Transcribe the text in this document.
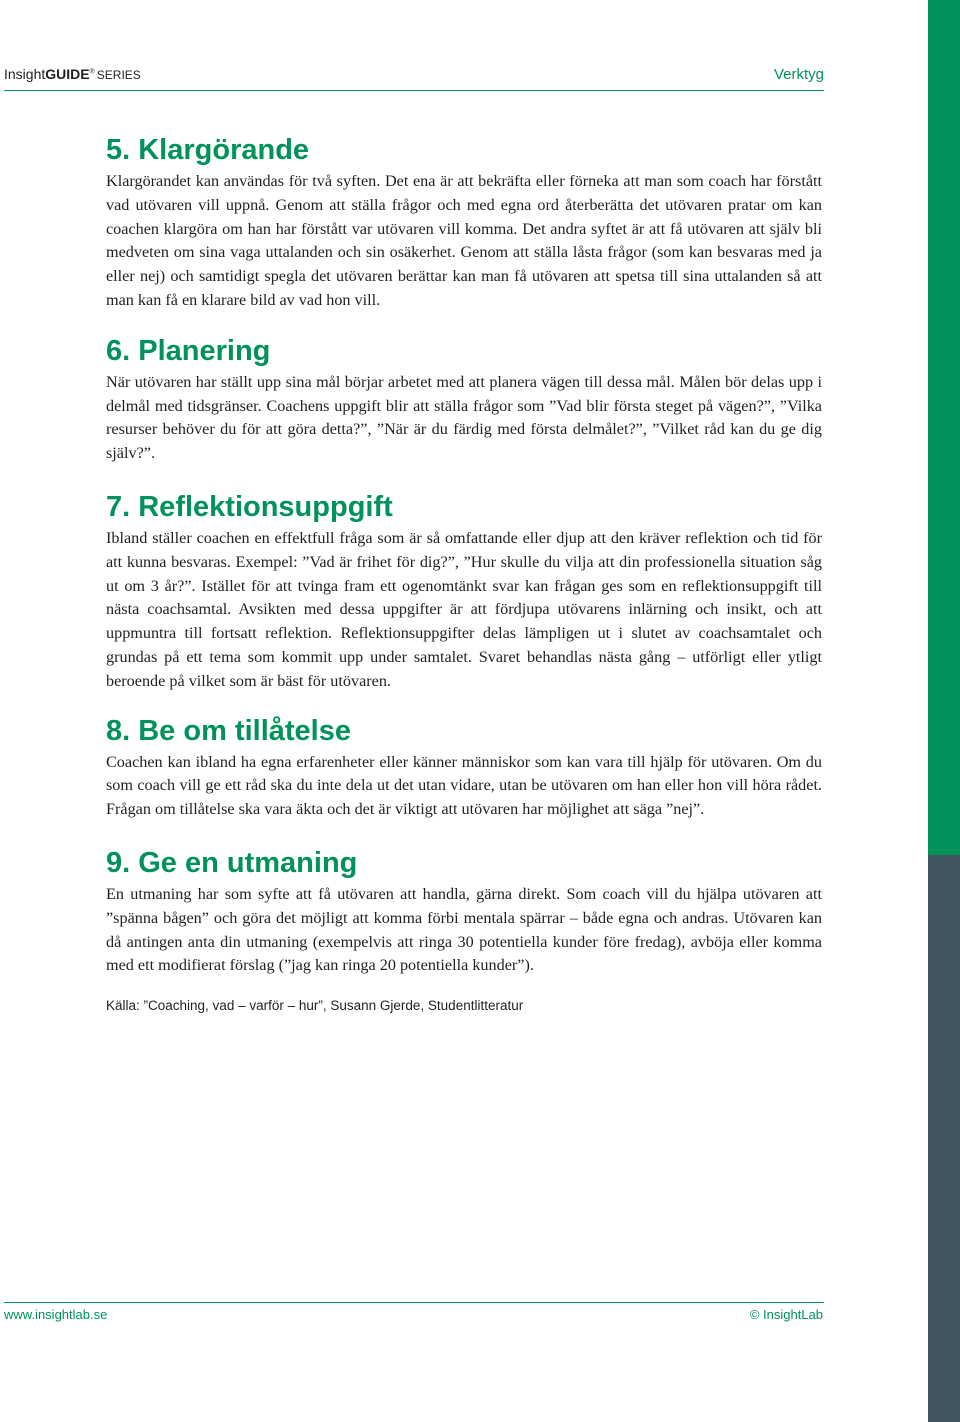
InsightGUIDE® SERIES	Verktyg
5. Klargörande

Klargörandet kan användas för två syften. Det ena är att bekräfta eller förneka att man som coach har förstått vad utövaren vill uppnå. Genom att ställa frågor och med egna ord återberätta det utövaren pratar om kan coachen klargöra om han har förstått var utövaren vill komma. Det andra syftet är att få utövaren att själv bli medveten om sina vaga uttalanden och sin osäkerhet. Genom att ställa låsta frågor (som kan besvaras med ja eller nej) och samtidigt spegla det utövaren berättar kan man få utövaren att spetsa till sina uttalanden så att man kan få en klarare bild av vad hon vill.

6. Planering

När utövaren har ställt upp sina mål börjar arbetet med att planera vägen till dessa mål. Målen bör delas upp i delmål med tidsgränser. Coachens uppgift blir att ställa frågor som ”Vad blir första steget på vägen?”, ”Vilka resurser behöver du för att göra detta?”, ”När är du färdig med första delmålet?”, ”Vilket råd kan du ge dig själv?”.

7. Reflektionsuppgift

Ibland ställer coachen en effektfull fråga som är så omfattande eller djup att den kräver reflektion och tid för att kunna besvaras. Exempel: ”Vad är frihet för dig?”, ”Hur skulle du vilja att din professionella situation såg ut om 3 år?”. Istället för att tvinga fram ett ogenomtänkt svar kan frågan ges som en reflektionsuppgift till nästa coachsamtal. Avsikten med dessa uppgifter är att fördjupa utövarens inlärning och insikt, och att uppmuntra till fortsatt reflektion. Reflektionsuppgifter delas lämpligen ut i slutet av coachsamtalet och grundas på ett tema som kommit upp under samtalet. Svaret behandlas nästa gång – utförligt eller ytligt beroende på vilket som är bäst för utövaren.

8. Be om tillåtelse

Coachen kan ibland ha egna erfarenheter eller känner människor som kan vara till hjälp för utövaren. Om du som coach vill ge ett råd ska du inte dela ut det utan vidare, utan be utövaren om han eller hon vill höra rådet. Frågan om tillåtelse ska vara äkta och det är viktigt att utövaren har möjlighet att säga ”nej”.

9. Ge en utmaning

En utmaning har som syfte att få utövaren att handla, gärna direkt. Som coach vill du hjälpa utövaren att ”spänna bågen” och göra det möjligt att komma förbi mentala spärrar – både egna och andras. Utövaren kan då antingen anta din utmaning (exempelvis att ringa 30 potentiella kunder före fredag), avböja eller komma med ett modifierat förslag (”jag kan ringa 20 potentiella kunder”).

Källa: ”Coaching, vad – varför – hur”, Susann Gjerde, Studentlitteratur

www.insightlab.se	© InsightLab
